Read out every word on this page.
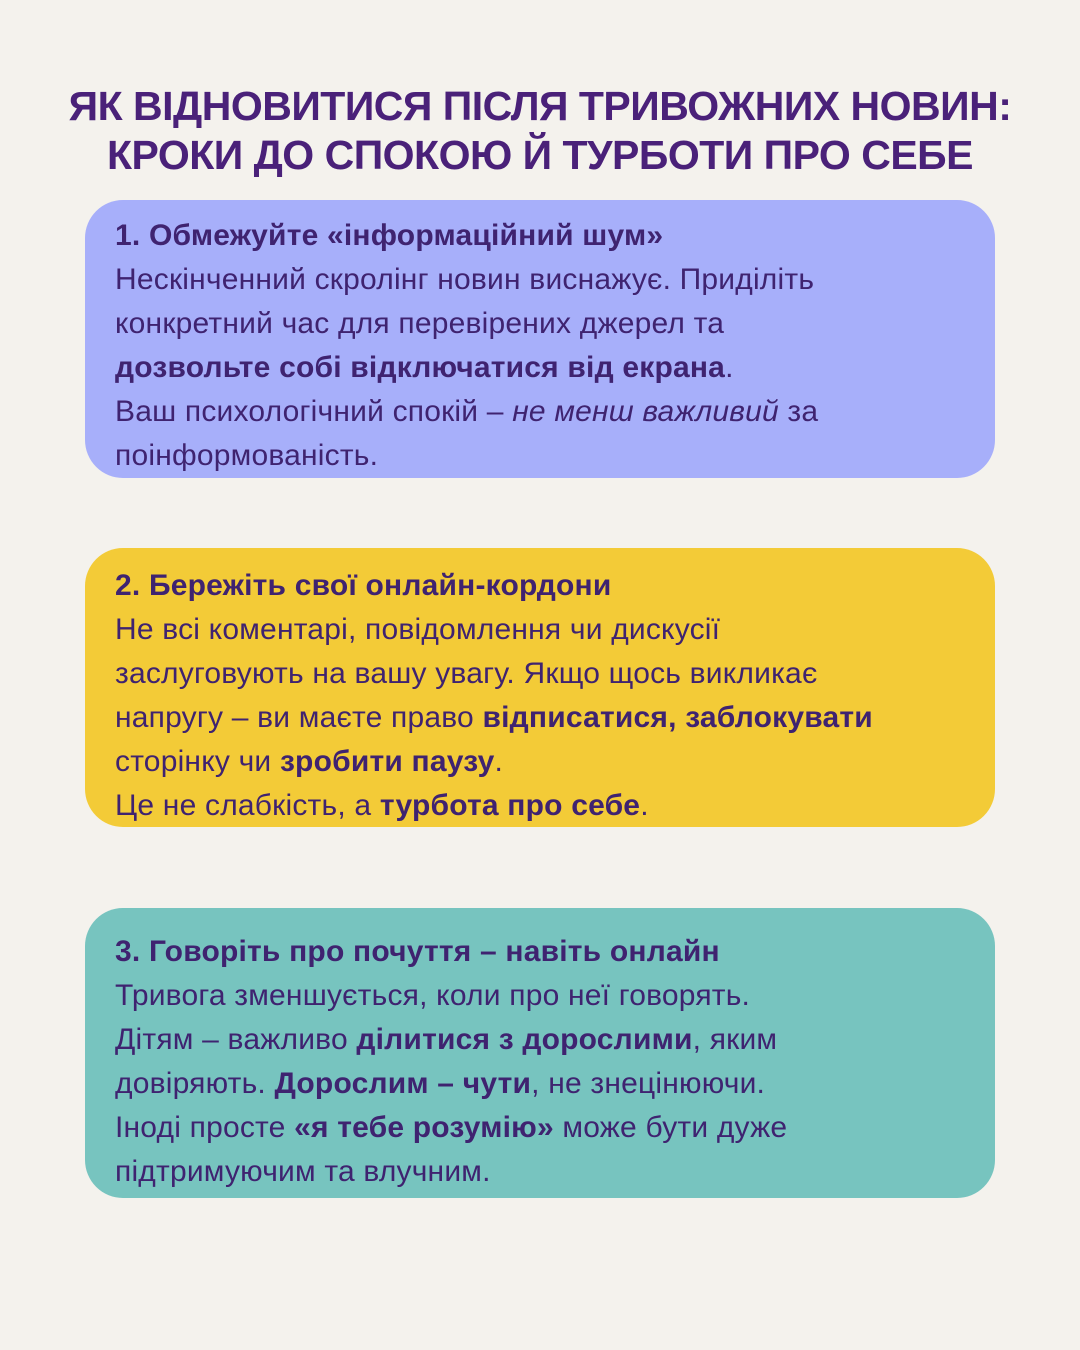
ЯК ВІДНОВИТИСЯ ПІСЛЯ ТРИВОЖНИХ НОВИН:
КРОКИ ДО СПОКОЮ Й ТУРБОТИ ПРО СЕБЕ
1. Обмежуйте «інформаційний шум»
Нескінченний скролінг новин виснажує. Приділіть
конкретний час для перевірених джерел та
дозвольте собі відключатися від екрана.
Ваш психологічний спокій – не менш важливий за
поінформованість.
2. Бережіть свої онлайн-кордони
Не всі коментарі, повідомлення чи дискусії
заслуговують на вашу увагу. Якщо щось викликає
напругу – ви маєте право відписатися, заблокувати
сторінку чи зробити паузу.
Це не слабкість, а турбота про себе.
3. Говоріть про почуття – навіть онлайн
Тривога зменшується, коли про неї говорять.
Дітям – важливо ділитися з дорослими, яким
довіряють. Дорослим – чути, не знецінюючи.
Іноді просте «я тебе розумію» може бути дуже
підтримуючим та влучним.
